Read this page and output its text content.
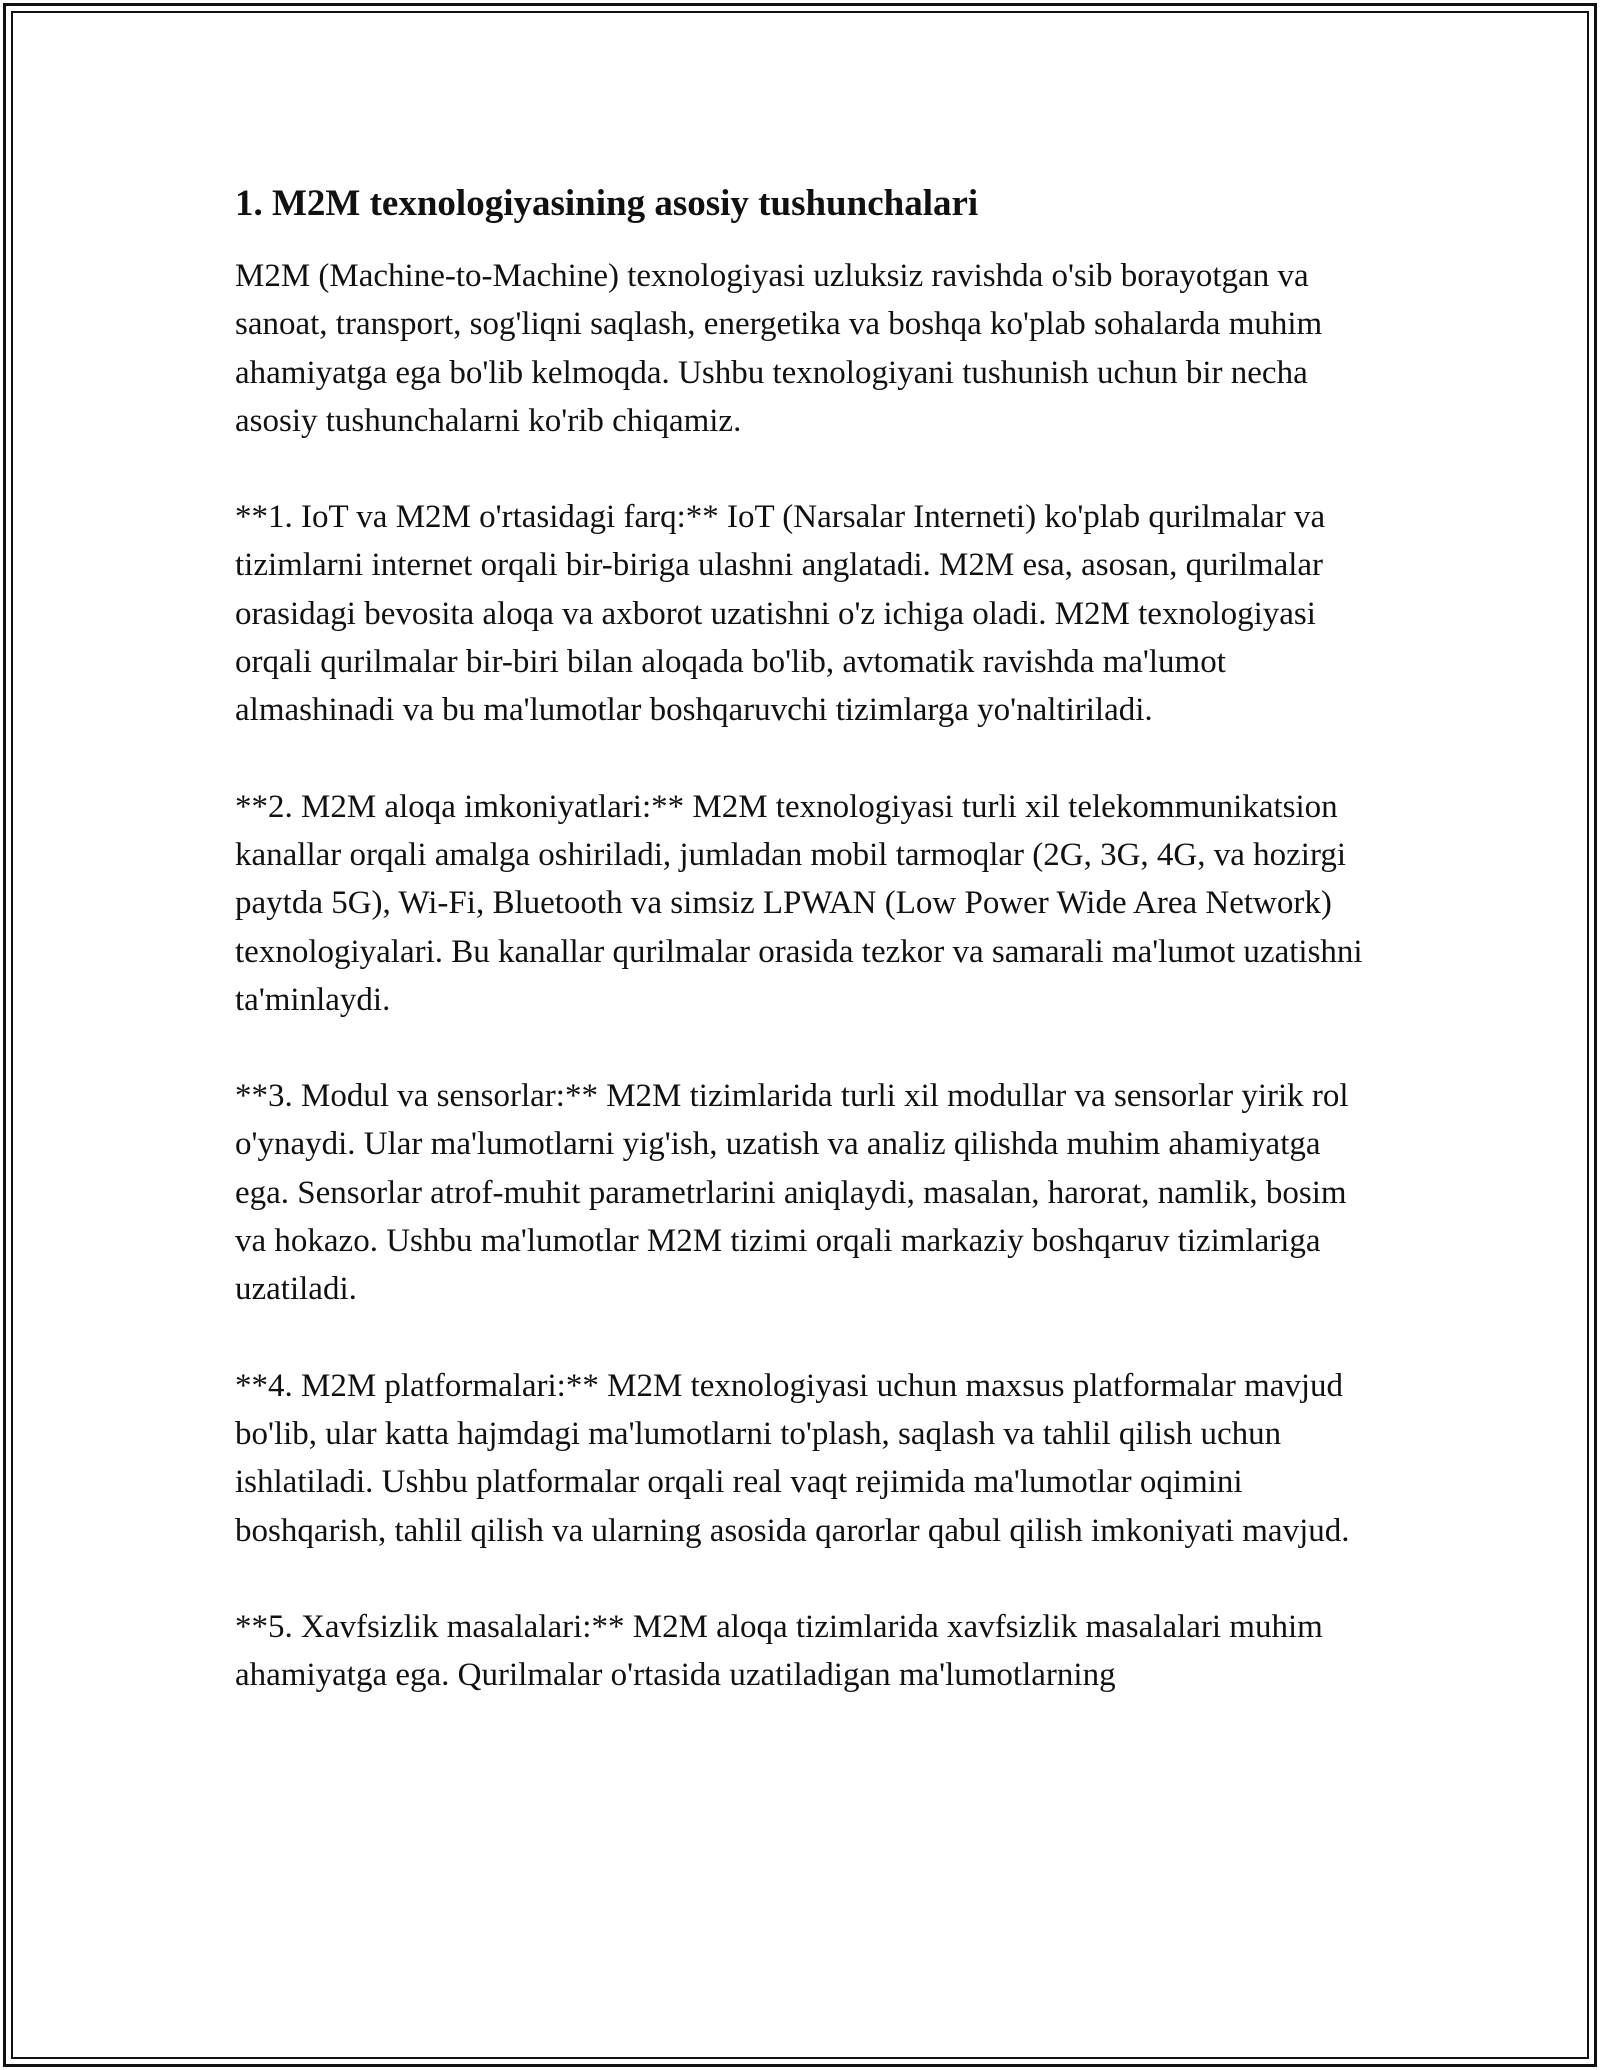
1. M2M texnologiyasining asosiy tushunchalari

M2M (Machine-to-Machine) texnologiyasi uzluksiz ravishda o'sib borayotgan va sanoat, transport, sog'liqni saqlash, energetika va boshqa ko'plab sohalarda muhim ahamiyatga ega bo'lib kelmoqda. Ushbu texnologiyani tushunish uchun bir necha asosiy tushunchalarni ko'rib chiqamiz.

**1. IoT va M2M o'rtasidagi farq:** IoT (Narsalar Interneti) ko'plab qurilmalar va tizimlarni internet orqali bir-biriga ulashni anglatadi. M2M esa, asosan, qurilmalar orasidagi bevosita aloqa va axborot uzatishni o'z ichiga oladi. M2M texnologiyasi orqali qurilmalar bir-biri bilan aloqada bo'lib, avtomatik ravishda ma'lumot almashinadi va bu ma'lumotlar boshqaruvchi tizimlarga yo'naltiriladi.

**2. M2M aloqa imkoniyatlari:** M2M texnologiyasi turli xil telekommunikatsion kanallar orqali amalga oshiriladi, jumladan mobil tarmoqlar (2G, 3G, 4G, va hozirgi paytda 5G), Wi-Fi, Bluetooth va simsiz LPWAN (Low Power Wide Area Network) texnologiyalari. Bu kanallar qurilmalar orasida tezkor va samarali ma'lumot uzatishni ta'minlaydi.

**3. Modul va sensorlar:** M2M tizimlarida turli xil modullar va sensorlar yirik rol o'ynaydi. Ular ma'lumotlarni yig'ish, uzatish va analiz qilishda muhim ahamiyatga ega. Sensorlar atrof-muhit parametrlarini aniqlaydi, masalan, harorat, namlik, bosim va hokazo. Ushbu ma'lumotlar M2M tizimi orqali markaziy boshqaruv tizimlariga uzatiladi.

**4. M2M platformalari:** M2M texnologiyasi uchun maxsus platformalar mavjud bo'lib, ular katta hajmdagi ma'lumotlarni to'plash, saqlash va tahlil qilish uchun ishlatiladi. Ushbu platformalar orqali real vaqt rejimida ma'lumotlar oqimini boshqarish, tahlil qilish va ularning asosida qarorlar qabul qilish imkoniyati mavjud.

**5. Xavfsizlik masalalari:** M2M aloqa tizimlarida xavfsizlik masalalari muhim ahamiyatga ega. Qurilmalar o'rtasida uzatiladigan ma'lumotlarning
